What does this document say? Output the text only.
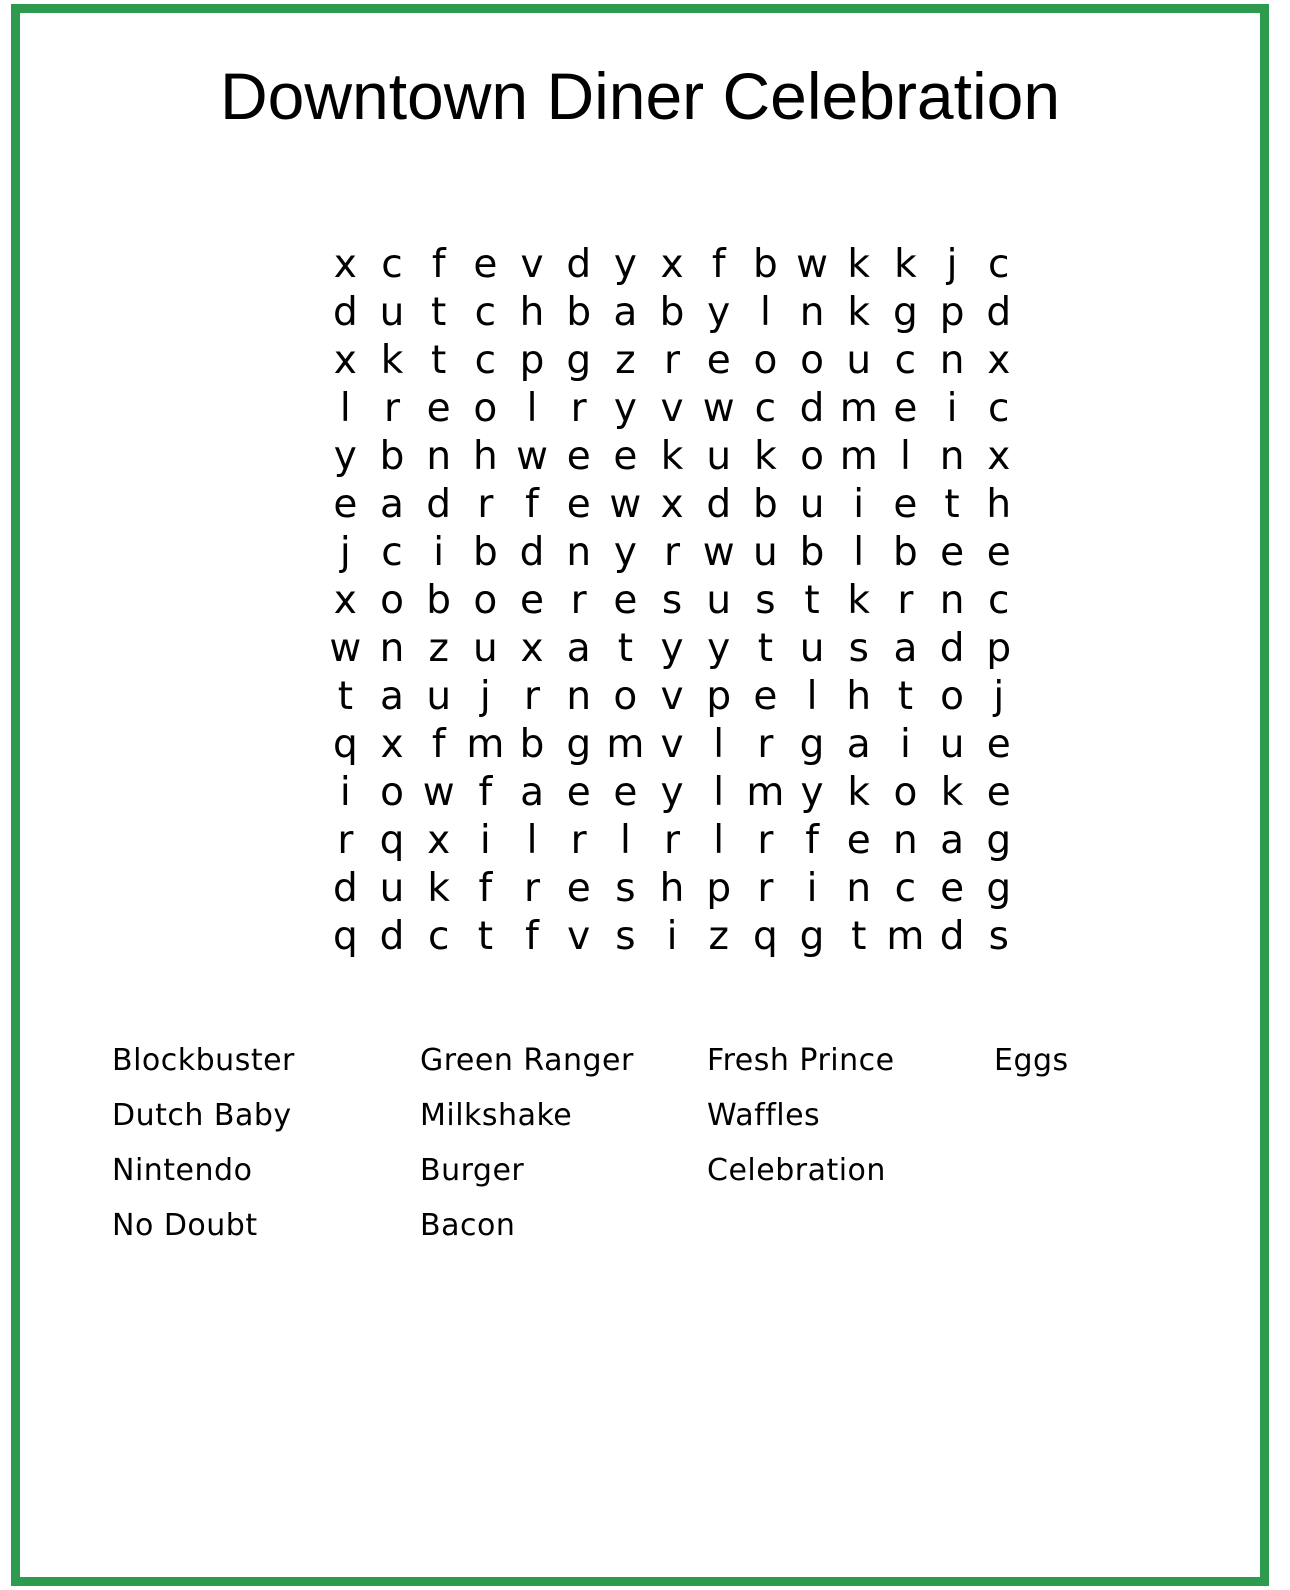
Downtown Diner Celebration
x c f e v d y x f b w k k j c
d u t c h b a b y l n k g p d
x k t c p g z r e o o u c n x
l r e o l r y v w c d m e i c
y b n h w e e k u k o m l n x
e a d r f e w x d b u i e t h
j c i b d n y r w u b l b e e
x o b o e r e s u s t k r n c
w n z u x a t y y t u s a d p
t a u j r n o v p e l h t o j
q x f m b g m v l r g a i u e
i o w f a e e y l m y k o k e
r q x i l r l r l r f e n a g
d u k f r e s h p r i n c e g
q d c t f v s i z q g t m d s
Blockbuster
Dutch Baby
Nintendo
No Doubt
Green Ranger
Milkshake
Burger
Bacon
Fresh Prince
Waffles
Celebration
Eggs
